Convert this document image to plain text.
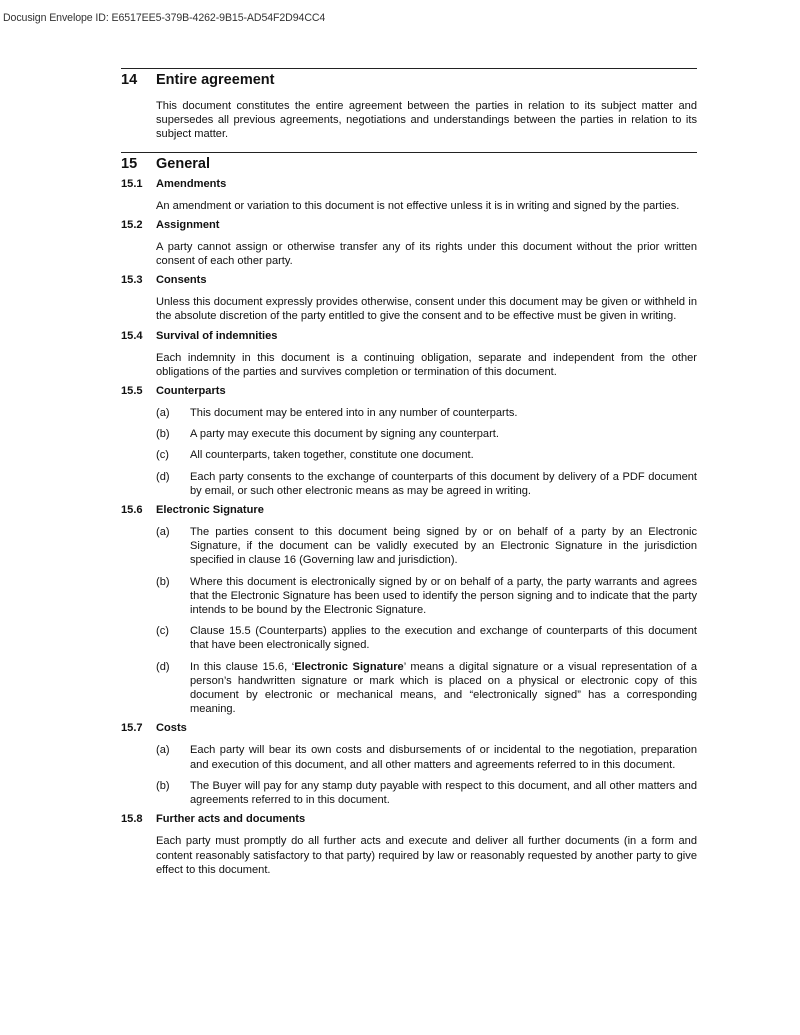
Docusign Envelope ID: E6517EE5-379B-4262-9B15-AD54F2D94CC4
14	Entire agreement
This document constitutes the entire agreement between the parties in relation to its subject matter and supersedes all previous agreements, negotiations and understandings between the parties in relation to its subject matter.
15	General
15.1	Amendments
An amendment or variation to this document is not effective unless it is in writing and signed by the parties.
15.2	Assignment
A party cannot assign or otherwise transfer any of its rights under this document without the prior written consent of each other party.
15.3	Consents
Unless this document expressly provides otherwise, consent under this document may be given or withheld in the absolute discretion of the party entitled to give the consent and to be effective must be given in writing.
15.4	Survival of indemnities
Each indemnity in this document is a continuing obligation, separate and independent from the other obligations of the parties and survives completion or termination of this document.
15.5	Counterparts
(a)	This document may be entered into in any number of counterparts.
(b)	A party may execute this document by signing any counterpart.
(c)	All counterparts, taken together, constitute one document.
(d)	Each party consents to the exchange of counterparts of this document by delivery of a PDF document by email, or such other electronic means as may be agreed in writing.
15.6	Electronic Signature
(a)	The parties consent to this document being signed by or on behalf of a party by an Electronic Signature, if the document can be validly executed by an Electronic Signature in the jurisdiction specified in clause 16 (Governing law and jurisdiction).
(b)	Where this document is electronically signed by or on behalf of a party, the party warrants and agrees that the Electronic Signature has been used to identify the person signing and to indicate that the party intends to be bound by the Electronic Signature.
(c)	Clause 15.5 (Counterparts) applies to the execution and exchange of counterparts of this document that have been electronically signed.
(d)	In this clause 15.6, ‘Electronic Signature’ means a digital signature or a visual representation of a person’s handwritten signature or mark which is placed on a physical or electronic copy of this document by electronic or mechanical means, and “electronically signed” has a corresponding meaning.
15.7	Costs
(a)	Each party will bear its own costs and disbursements of or incidental to the negotiation, preparation and execution of this document, and all other matters and agreements referred to in this document.
(b)	The Buyer will pay for any stamp duty payable with respect to this document, and all other matters and agreements referred to in this document.
15.8	Further acts and documents
Each party must promptly do all further acts and execute and deliver all further documents (in a form and content reasonably satisfactory to that party) required by law or reasonably requested by another party to give effect to this document.
